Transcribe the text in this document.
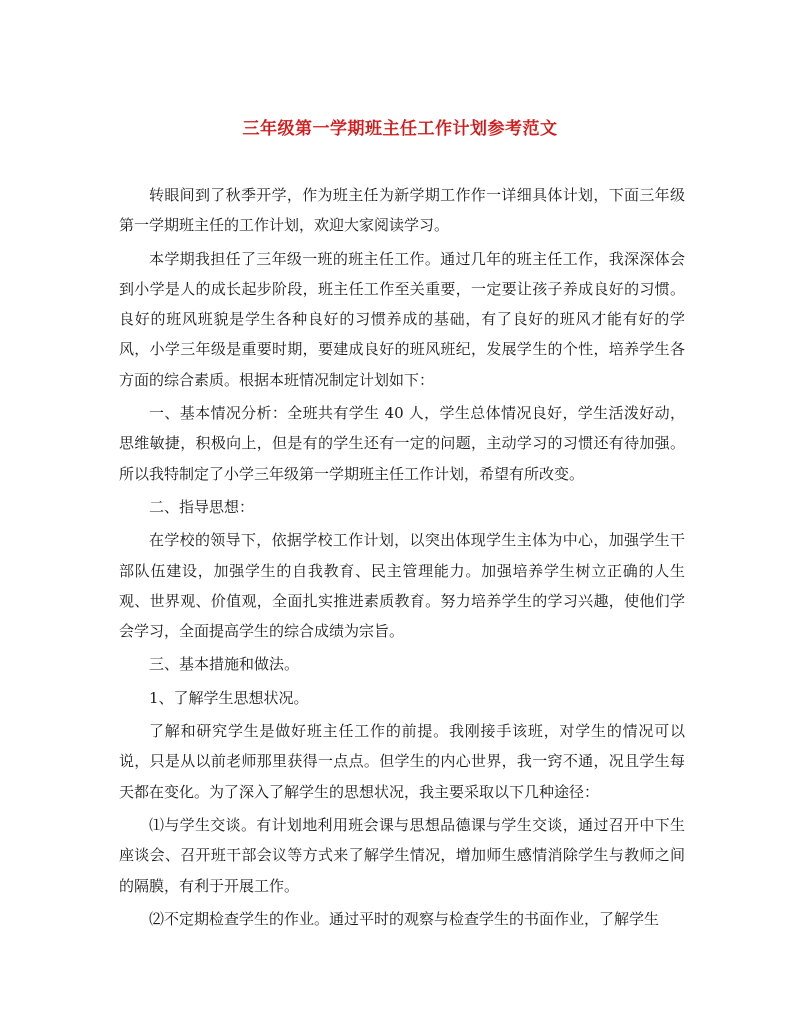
三年级第一学期班主任工作计划参考范文

转眼间到了秋季开学，作为班主任为新学期工作作一详细具体计划，下面三年级第一学期班主任的工作计划，欢迎大家阅读学习。

本学期我担任了三年级一班的班主任工作。通过几年的班主任工作，我深深体会到小学是人的成长起步阶段，班主任工作至关重要，一定要让孩子养成良好的习惯。良好的班风班貌是学生各种良好的习惯养成的基础，有了良好的班风才能有好的学风，小学三年级是重要时期，要建成良好的班风班纪，发展学生的个性，培养学生各方面的综合素质。根据本班情况制定计划如下：

一、基本情况分析：全班共有学生 40 人，学生总体情况良好，学生活泼好动，思维敏捷，积极向上，但是有的学生还有一定的问题，主动学习的习惯还有待加强。所以我特制定了小学三年级第一学期班主任工作计划，希望有所改变。

二、指导思想：

在学校的领导下，依据学校工作计划，以突出体现学生主体为中心，加强学生干部队伍建设，加强学生的自我教育、民主管理能力。加强培养学生树立正确的人生观、世界观、价值观，全面扎实推进素质教育。努力培养学生的学习兴趣，使他们学会学习，全面提高学生的综合成绩为宗旨。

三、基本措施和做法。

1、了解学生思想状况。

了解和研究学生是做好班主任工作的前提。我刚接手该班，对学生的情况可以说，只是从以前老师那里获得一点点。但学生的内心世界，我一窍不通，况且学生每天都在变化。为了深入了解学生的思想状况，我主要采取以下几种途径：

⑴与学生交谈。有计划地利用班会课与思想品德课与学生交谈，通过召开中下生座谈会、召开班干部会议等方式来了解学生情况，增加师生感情消除学生与教师之间的隔膜，有利于开展工作。

⑵不定期检查学生的作业。通过平时的观察与检查学生的书面作业，了解学生
